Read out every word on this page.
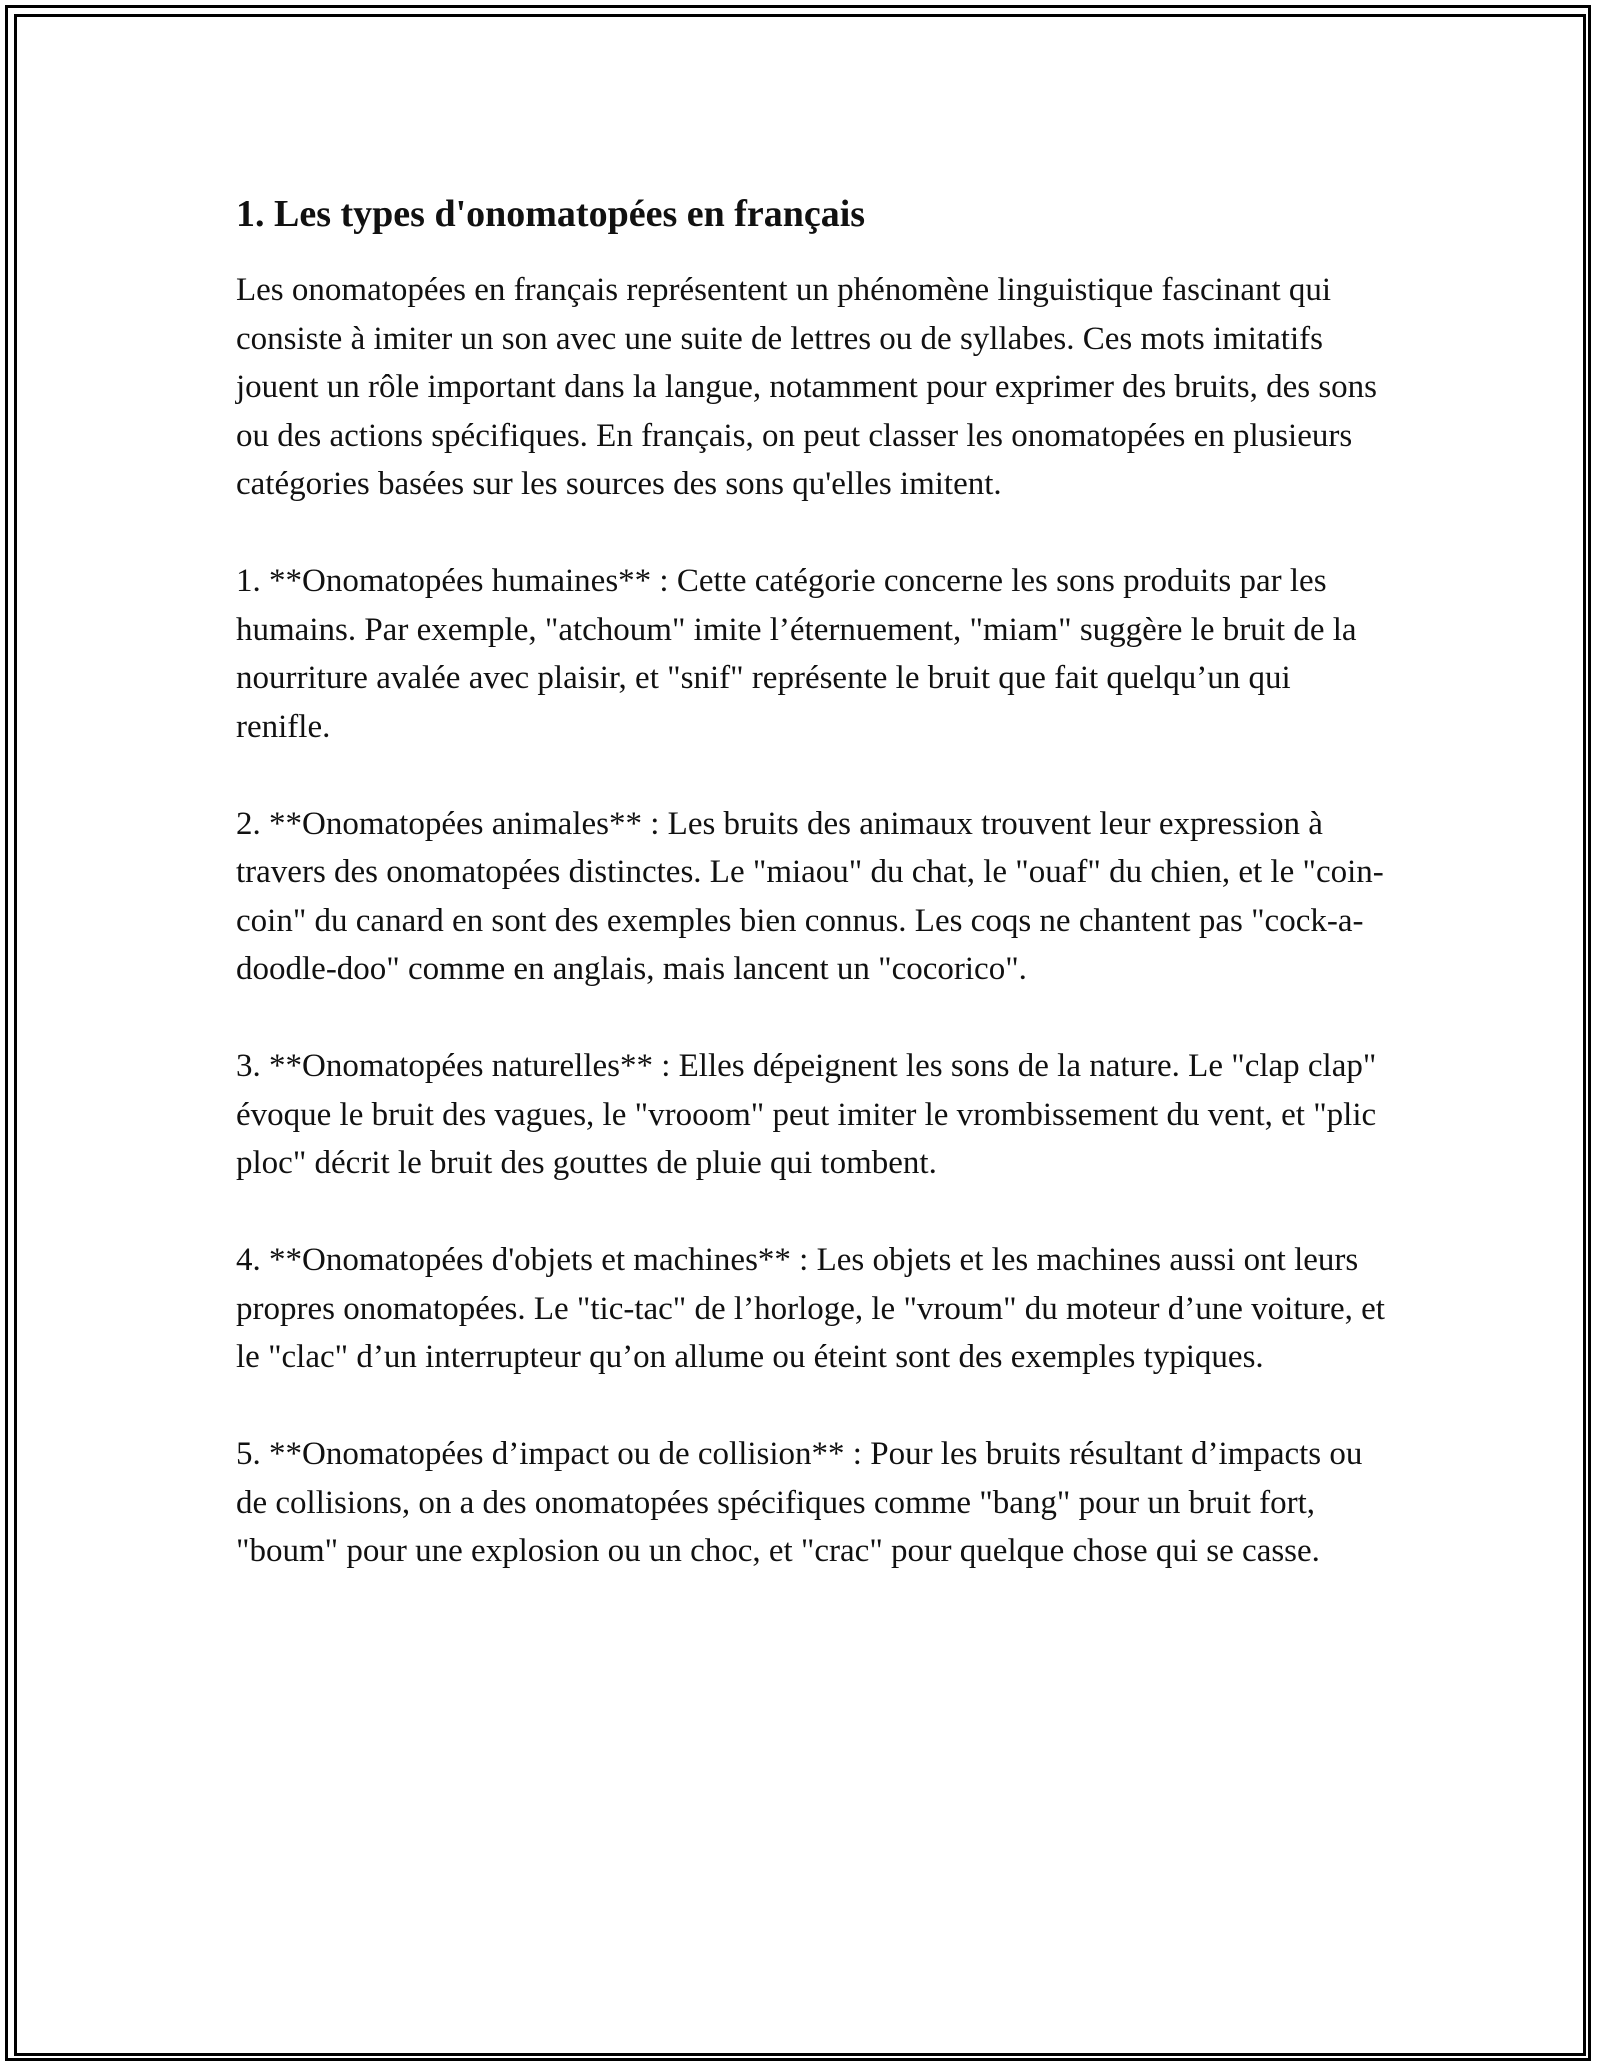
1. Les types d'onomatopées en français

Les onomatopées en français représentent un phénomène linguistique fascinant qui consiste à imiter un son avec une suite de lettres ou de syllabes. Ces mots imitatifs jouent un rôle important dans la langue, notamment pour exprimer des bruits, des sons ou des actions spécifiques. En français, on peut classer les onomatopées en plusieurs catégories basées sur les sources des sons qu'elles imitent.

1. **Onomatopées humaines** : Cette catégorie concerne les sons produits par les humains. Par exemple, "atchoum" imite l’éternuement, "miam" suggère le bruit de la nourriture avalée avec plaisir, et "snif" représente le bruit que fait quelqu’un qui renifle.

2. **Onomatopées animales** : Les bruits des animaux trouvent leur expression à travers des onomatopées distinctes. Le "miaou" du chat, le "ouaf" du chien, et le "coin-coin" du canard en sont des exemples bien connus. Les coqs ne chantent pas "cock-a-doodle-doo" comme en anglais, mais lancent un "cocorico".

3. **Onomatopées naturelles** : Elles dépeignent les sons de la nature. Le "clap clap" évoque le bruit des vagues, le "vrooom" peut imiter le vrombissement du vent, et "plic ploc" décrit le bruit des gouttes de pluie qui tombent.

4. **Onomatopées d'objets et machines** : Les objets et les machines aussi ont leurs propres onomatopées. Le "tic-tac" de l’horloge, le "vroum" du moteur d’une voiture, et le "clac" d’un interrupteur qu’on allume ou éteint sont des exemples typiques.

5. **Onomatopées d’impact ou de collision** : Pour les bruits résultant d’impacts ou de collisions, on a des onomatopées spécifiques comme "bang" pour un bruit fort, "boum" pour une explosion ou un choc, et "crac" pour quelque chose qui se casse.
